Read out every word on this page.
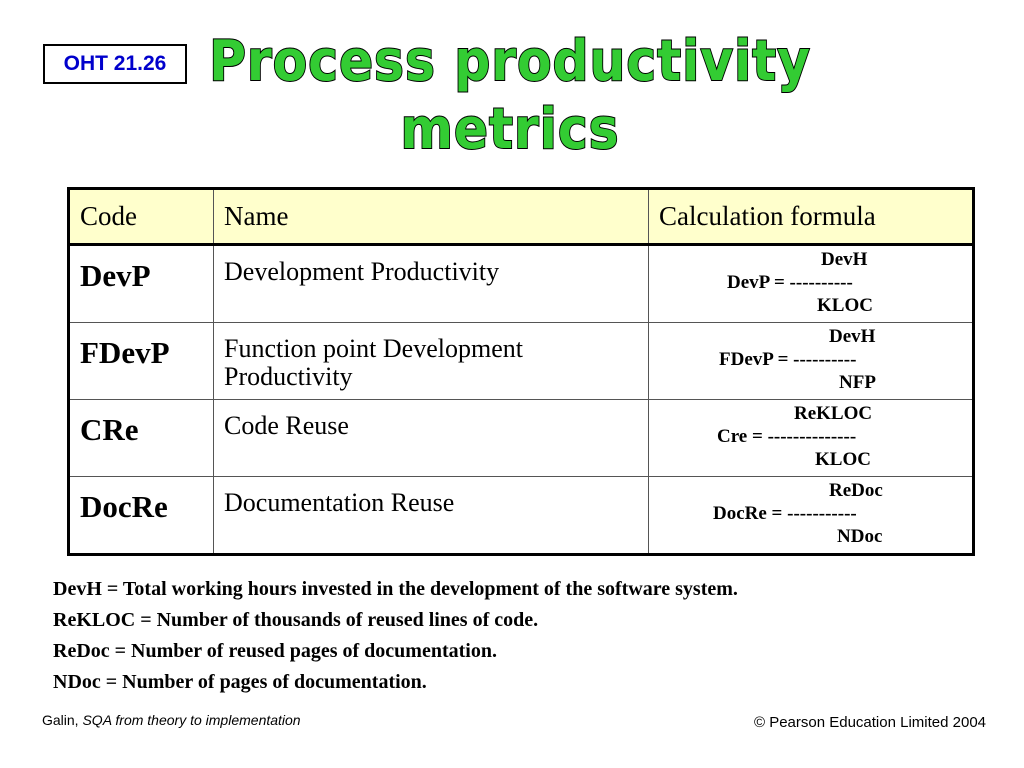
OHT 21.26 Process productivity
metrics
Code	Name	Calculation formula
DevP	Development Productivity	DevH
DevP = ----------
KLOC

FDevP	Function point Development Productivity	DevH
FDevP = ----------
NFP

CRe	Code Reuse	ReKLOC
Cre = --------------
KLOC

DocRe	Documentation Reuse	ReDoc
DocRe = -----------
NDoc
DevH = Total working hours invested in the development of the software system.
ReKLOC = Number of thousands of reused lines of code.
ReDoc = Number of reused pages of documentation.
NDoc = Number of pages of documentation.
Galin, SQA from theory to implementation	© Pearson Education Limited 2004
